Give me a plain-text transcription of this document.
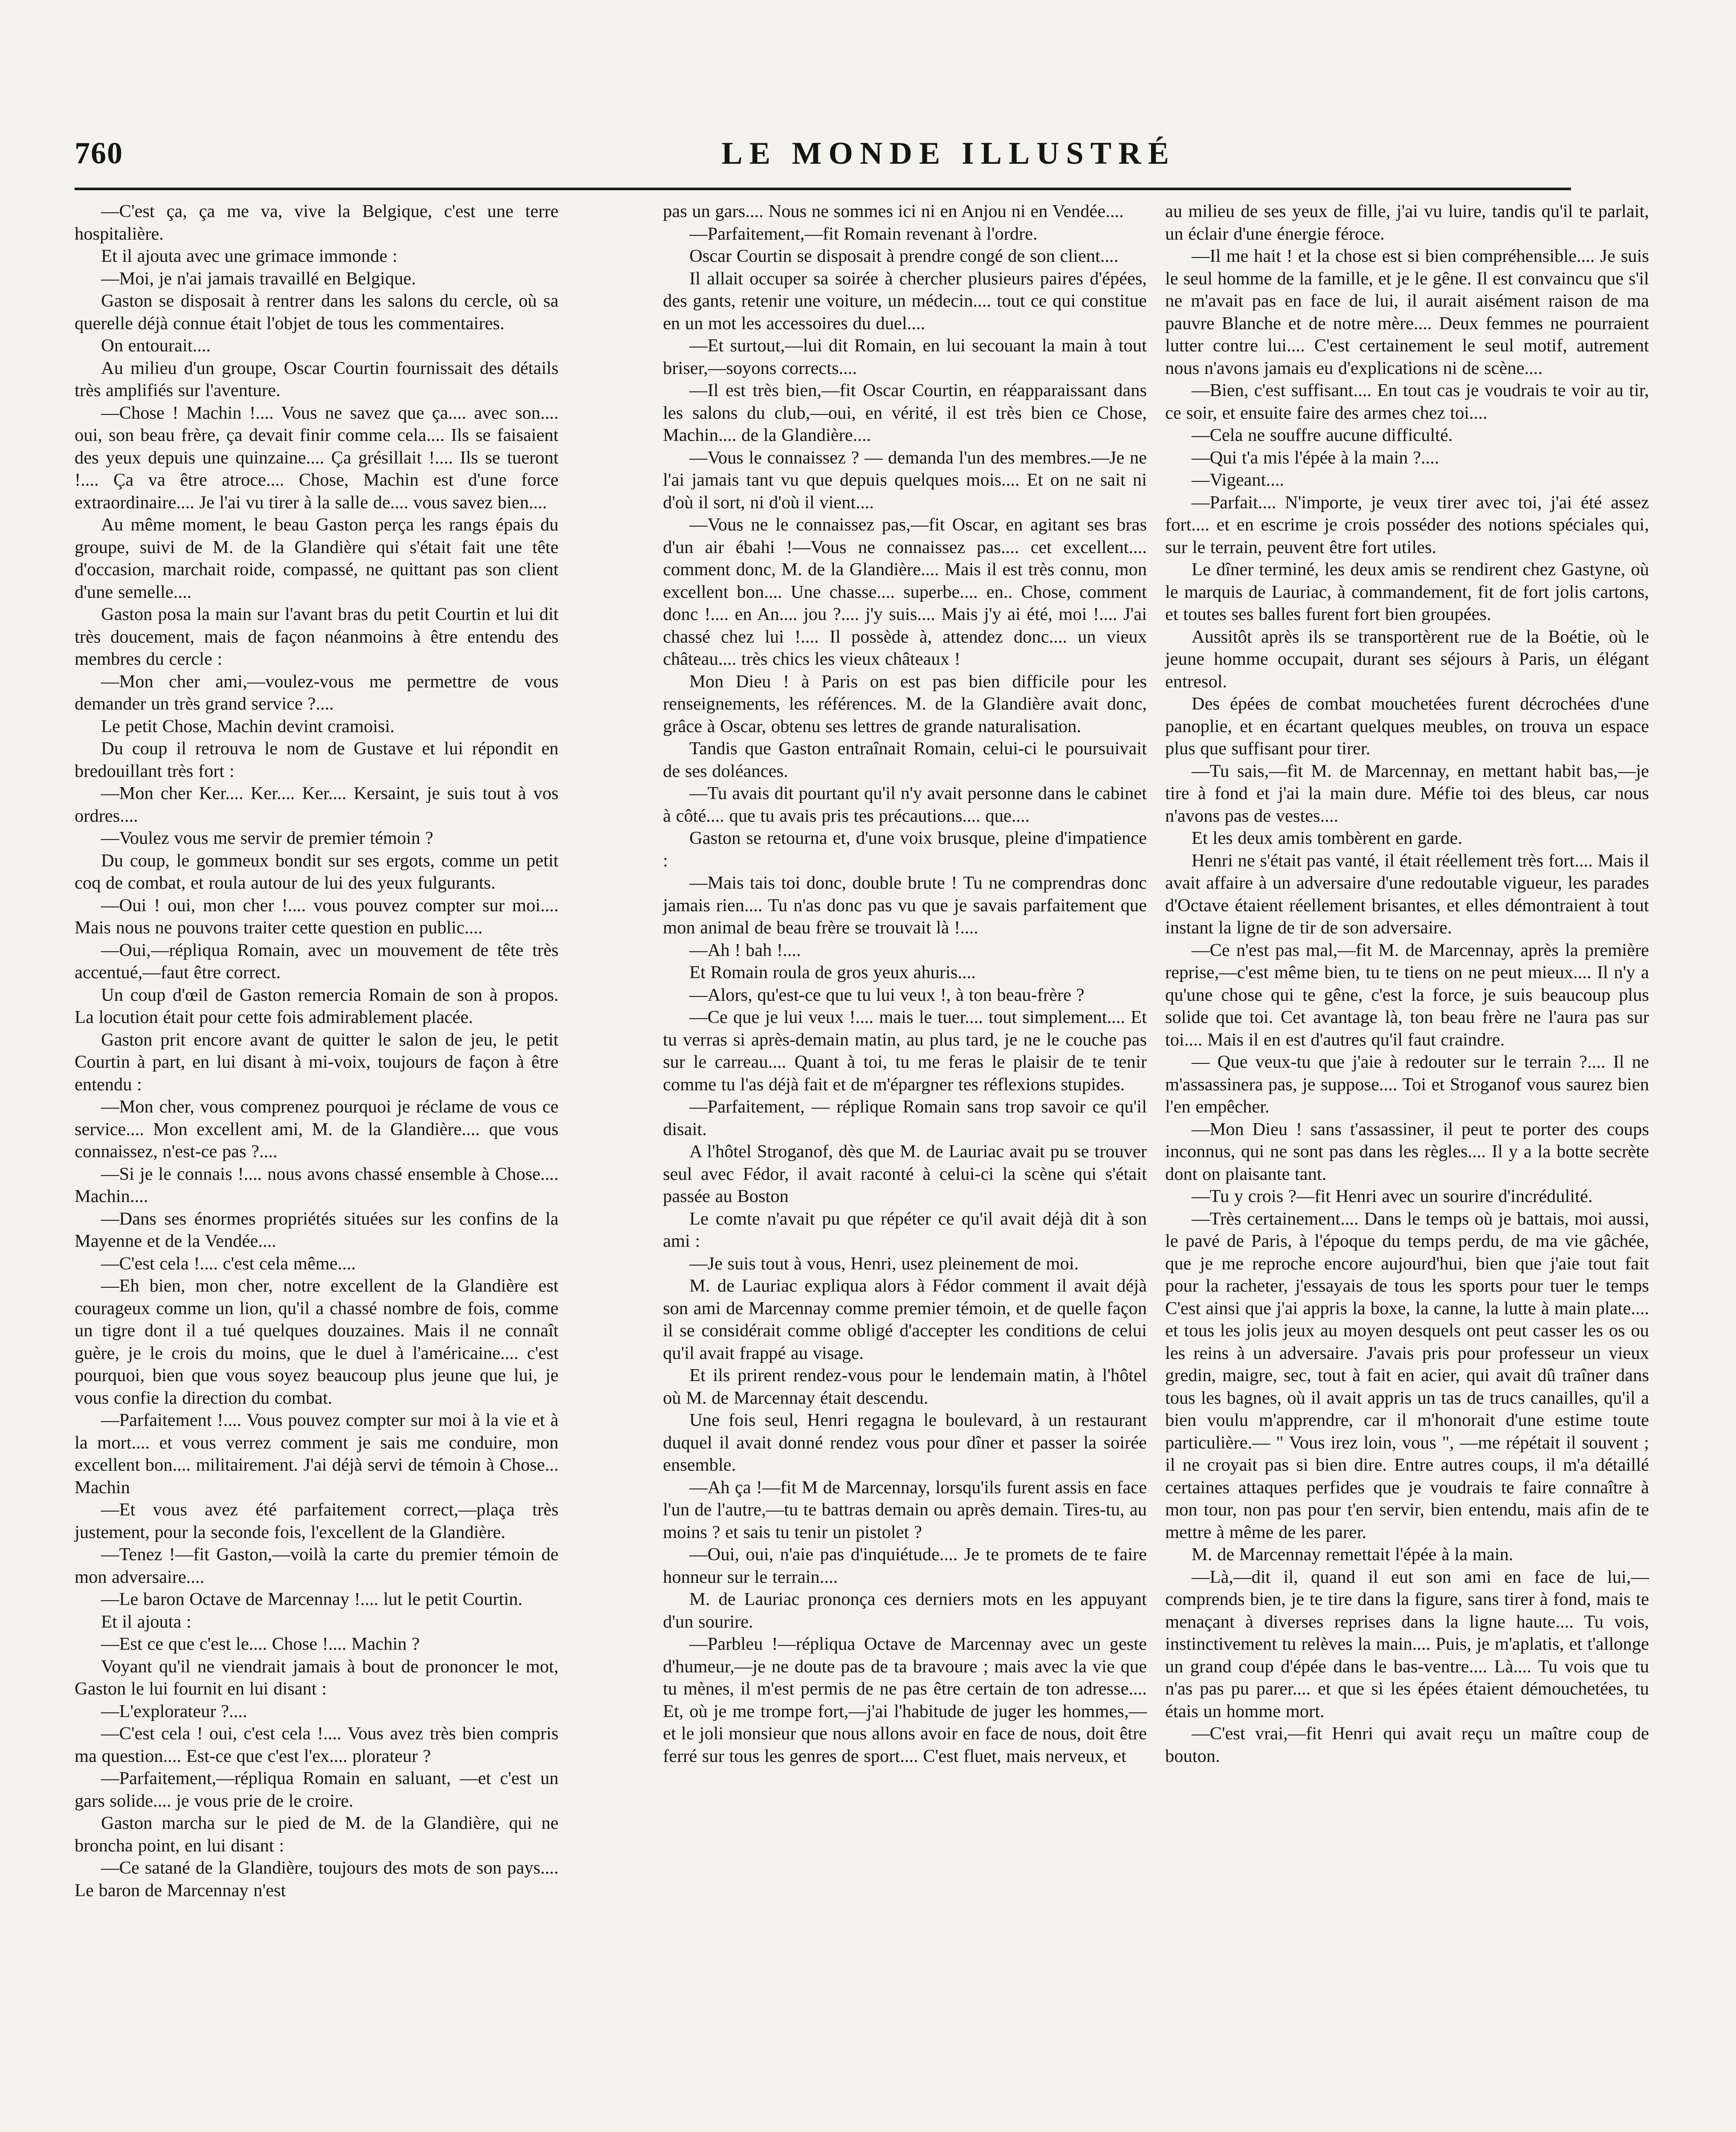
760	LE MONDE ILLUSTRÉ

—C'est ça, ça me va, vive la Belgique, c'est une terre hospitalière.

Et il ajouta avec une grimace immonde :

—Moi, je n'ai jamais travaillé en Belgique.

Gaston se disposait à rentrer dans les salons du cercle, où sa querelle déjà connue était l'objet de tous les commentaires.

On entourait....

Au milieu d'un groupe, Oscar Courtin fournissait des détails très amplifiés sur l'aventure.

—Chose ! Machin !.... Vous ne savez que ça.... avec son.... oui, son beau frère, ça devait finir comme cela.... Ils se faisaient des yeux depuis une quinzaine.... Ça grésillait !.... Ils se tueront !.... Ça va être atroce.... Chose, Machin est d'une force extraordinaire.... Je l'ai vu tirer à la salle de.... vous savez bien....

Au même moment, le beau Gaston perça les rangs épais du groupe, suivi de M. de la Glandière qui s'était fait une tête d'occasion, marchait roide, compassé, ne quittant pas son client d'une semelle....

Gaston posa la main sur l'avant bras du petit Courtin et lui dit très doucement, mais de façon néanmoins à être entendu des membres du cercle :

—Mon cher ami,—voulez-vous me permettre de vous demander un très grand service ?....

Le petit Chose, Machin devint cramoisi.

Du coup il retrouva le nom de Gustave et lui répondit en bredouillant très fort :

—Mon cher Ker.... Ker.... Ker.... Kersaint, je suis tout à vos ordres....

—Voulez vous me servir de premier témoin ?

Du coup, le gommeux bondit sur ses ergots, comme un petit coq de combat, et roula autour de lui des yeux fulgurants.

—Oui ! oui, mon cher !.... vous pouvez compter sur moi.... Mais nous ne pouvons traiter cette question en public....

—Oui,—répliqua Romain, avec un mouvement de tête très accentué,—faut être correct.

Un coup d'œil de Gaston remercia Romain de son à propos. La locution était pour cette fois admirablement placée.

Gaston prit encore avant de quitter le salon de jeu, le petit Courtin à part, en lui disant à mi-voix, toujours de façon à être entendu :

—Mon cher, vous comprenez pourquoi je réclame de vous ce service.... Mon excellent ami, M. de la Glandière.... que vous connaissez, n'est-ce pas ?....

—Si je le connais !.... nous avons chassé ensemble à Chose.... Machin....

—Dans ses énormes propriétés situées sur les confins de la Mayenne et de la Vendée....

—C'est cela !.... c'est cela même....

—Eh bien, mon cher, notre excellent de la Glandière est courageux comme un lion, qu'il a chassé nombre de fois, comme un tigre dont il a tué quelques douzaines. Mais il ne connaît guère, je le crois du moins, que le duel à l'américaine.... c'est pourquoi, bien que vous soyez beaucoup plus jeune que lui, je vous confie la direction du combat.

—Parfaitement !.... Vous pouvez compter sur moi à la vie et à la mort.... et vous verrez comment je sais me conduire, mon excellent bon.... militairement. J'ai déjà servi de témoin à Chose... Machin

—Et vous avez été parfaitement correct,—plaça très justement, pour la seconde fois, l'excellent de la Glandière.

—Tenez !—fit Gaston,—voilà la carte du premier témoin de mon adversaire....

—Le baron Octave de Marcennay !.... lut le petit Courtin.

Et il ajouta :

—Est ce que c'est le.... Chose !.... Machin ?

Voyant qu'il ne viendrait jamais à bout de prononcer le mot, Gaston le lui fournit en lui disant :

—L'explorateur ?....

—C'est cela ! oui, c'est cela !.... Vous avez très bien compris ma question.... Est-ce que c'est l'ex.... plorateur ?

—Parfaitement,—répliqua Romain en saluant, —et c'est un gars solide.... je vous prie de le croire.

Gaston marcha sur le pied de M. de la Glandière, qui ne broncha point, en lui disant :

—Ce satané de la Glandière, toujours des mots de son pays.... Le baron de Marcennay n'est

pas un gars.... Nous ne sommes ici ni en Anjou ni en Vendée....

—Parfaitement,—fit Romain revenant à l'ordre.

Oscar Courtin se disposait à prendre congé de son client....

Il allait occuper sa soirée à chercher plusieurs paires d'épées, des gants, retenir une voiture, un médecin.... tout ce qui constitue en un mot les accessoires du duel....

—Et surtout,—lui dit Romain, en lui secouant la main à tout briser,—soyons corrects....

—Il est très bien,—fit Oscar Courtin, en réapparaissant dans les salons du club,—oui, en vérité, il est très bien ce Chose, Machin.... de la Glandière....

—Vous le connaissez ? — demanda l'un des membres.—Je ne l'ai jamais tant vu que depuis quelques mois.... Et on ne sait ni d'où il sort, ni d'où il vient....

—Vous ne le connaissez pas,—fit Oscar, en agitant ses bras d'un air ébahi !—Vous ne connaissez pas.... cet excellent.... comment donc, M. de la Glandière.... Mais il est très connu, mon excellent bon.... Une chasse.... superbe.... en.. Chose, comment donc !.... en An.... jou ?.... j'y suis.... Mais j'y ai été, moi !.... J'ai chassé chez lui !.... Il possède à, attendez donc.... un vieux château.... très chics les vieux châteaux !

Mon Dieu ! à Paris on est pas bien difficile pour les renseignements, les références. M. de la Glandière avait donc, grâce à Oscar, obtenu ses lettres de grande naturalisation.

Tandis que Gaston entraînait Romain, celui-ci le poursuivait de ses doléances.

—Tu avais dit pourtant qu'il n'y avait personne dans le cabinet à côté.... que tu avais pris tes précautions.... que....

Gaston se retourna et, d'une voix brusque, pleine d'impatience :

—Mais tais toi donc, double brute ! Tu ne comprendras donc jamais rien.... Tu n'as donc pas vu que je savais parfaitement que mon animal de beau frère se trouvait là !....

—Ah ! bah !....

Et Romain roula de gros yeux ahuris....

—Alors, qu'est-ce que tu lui veux !, à ton beau-frère ?

—Ce que je lui veux !.... mais le tuer.... tout simplement.... Et tu verras si après-demain matin, au plus tard, je ne le couche pas sur le carreau.... Quant à toi, tu me feras le plaisir de te tenir comme tu l'as déjà fait et de m'épargner tes réflexions stupides.

—Parfaitement, — réplique Romain sans trop savoir ce qu'il disait.

A l'hôtel Stroganof, dès que M. de Lauriac avait pu se trouver seul avec Fédor, il avait raconté à celui-ci la scène qui s'était passée au Boston

Le comte n'avait pu que répéter ce qu'il avait déjà dit à son ami :

—Je suis tout à vous, Henri, usez pleinement de moi.

M. de Lauriac expliqua alors à Fédor comment il avait déjà son ami de Marcennay comme premier témoin, et de quelle façon il se considérait comme obligé d'accepter les conditions de celui qu'il avait frappé au visage.

Et ils prirent rendez-vous pour le lendemain matin, à l'hôtel où M. de Marcennay était descendu.

Une fois seul, Henri regagna le boulevard, à un restaurant duquel il avait donné rendez vous pour dîner et passer la soirée ensemble.

—Ah ça !—fit M de Marcennay, lorsqu'ils furent assis en face l'un de l'autre,—tu te battras demain ou après demain. Tires-tu, au moins ? et sais tu tenir un pistolet ?

—Oui, oui, n'aie pas d'inquiétude.... Je te promets de te faire honneur sur le terrain....

M. de Lauriac prononça ces derniers mots en les appuyant d'un sourire.

—Parbleu !—répliqua Octave de Marcennay avec un geste d'humeur,—je ne doute pas de ta bravoure ; mais avec la vie que tu mènes, il m'est permis de ne pas être certain de ton adresse.... Et, où je me trompe fort,—j'ai l'habitude de juger les hommes,—et le joli monsieur que nous allons avoir en face de nous, doit être ferré sur tous les genres de sport.... C'est fluet, mais nerveux, et

au milieu de ses yeux de fille, j'ai vu luire, tandis qu'il te parlait, un éclair d'une énergie féroce.

—Il me hait ! et la chose est si bien compréhensible.... Je suis le seul homme de la famille, et je le gêne. Il est convaincu que s'il ne m'avait pas en face de lui, il aurait aisément raison de ma pauvre Blanche et de notre mère.... Deux femmes ne pourraient lutter contre lui.... C'est certainement le seul motif, autrement nous n'avons jamais eu d'explications ni de scène....

—Bien, c'est suffisant.... En tout cas je voudrais te voir au tir, ce soir, et ensuite faire des armes chez toi....

—Cela ne souffre aucune difficulté.

—Qui t'a mis l'épée à la main ?....

—Vigeant....

—Parfait.... N'importe, je veux tirer avec toi, j'ai été assez fort.... et en escrime je crois posséder des notions spéciales qui, sur le terrain, peuvent être fort utiles.

Le dîner terminé, les deux amis se rendirent chez Gastyne, où le marquis de Lauriac, à commandement, fit de fort jolis cartons, et toutes ses balles furent fort bien groupées.

Aussitôt après ils se transportèrent rue de la Boétie, où le jeune homme occupait, durant ses séjours à Paris, un élégant entresol.

Des épées de combat mouchetées furent décrochées d'une panoplie, et en écartant quelques meubles, on trouva un espace plus que suffisant pour tirer.

—Tu sais,—fit M. de Marcennay, en mettant habit bas,—je tire à fond et j'ai la main dure. Méfie toi des bleus, car nous n'avons pas de vestes....

Et les deux amis tombèrent en garde.

Henri ne s'était pas vanté, il était réellement très fort.... Mais il avait affaire à un adversaire d'une redoutable vigueur, les parades d'Octave étaient réellement brisantes, et elles démontraient à tout instant la ligne de tir de son adversaire.

—Ce n'est pas mal,—fit M. de Marcennay, après la première reprise,—c'est même bien, tu te tiens on ne peut mieux.... Il n'y a qu'une chose qui te gêne, c'est la force, je suis beaucoup plus solide que toi. Cet avantage là, ton beau frère ne l'aura pas sur toi.... Mais il en est d'autres qu'il faut craindre.

— Que veux-tu que j'aie à redouter sur le terrain ?.... Il ne m'assassinera pas, je suppose.... Toi et Stroganof vous saurez bien l'en empêcher.

—Mon Dieu ! sans t'assassiner, il peut te porter des coups inconnus, qui ne sont pas dans les règles.... Il y a la botte secrète dont on plaisante tant.

—Tu y crois ?—fit Henri avec un sourire d'incrédulité.

—Très certainement.... Dans le temps où je battais, moi aussi, le pavé de Paris, à l'époque du temps perdu, de ma vie gâchée, que je me reproche encore aujourd'hui, bien que j'aie tout fait pour la racheter, j'essayais de tous les sports pour tuer le temps C'est ainsi que j'ai appris la boxe, la canne, la lutte à main plate.... et tous les jolis jeux au moyen desquels ont peut casser les os ou les reins à un adversaire. J'avais pris pour professeur un vieux gredin, maigre, sec, tout à fait en acier, qui avait dû traîner dans tous les bagnes, où il avait appris un tas de trucs canailles, qu'il a bien voulu m'apprendre, car il m'honorait d'une estime toute particulière.— " Vous irez loin, vous ", —me répétait il souvent ; il ne croyait pas si bien dire. Entre autres coups, il m'a détaillé certaines attaques perfides que je voudrais te faire connaître à mon tour, non pas pour t'en servir, bien entendu, mais afin de te mettre à même de les parer.

M. de Marcennay remettait l'épée à la main.

—Là,—dit il, quand il eut son ami en face de lui,—comprends bien, je te tire dans la figure, sans tirer à fond, mais te menaçant à diverses reprises dans la ligne haute.... Tu vois, instinctivement tu relèves la main.... Puis, je m'aplatis, et t'allonge un grand coup d'épée dans le bas-ventre.... Là.... Tu vois que tu n'as pas pu parer.... et que si les épées étaient démouchetées, tu étais un homme mort.

—C'est vrai,—fit Henri qui avait reçu un maître coup de bouton.
